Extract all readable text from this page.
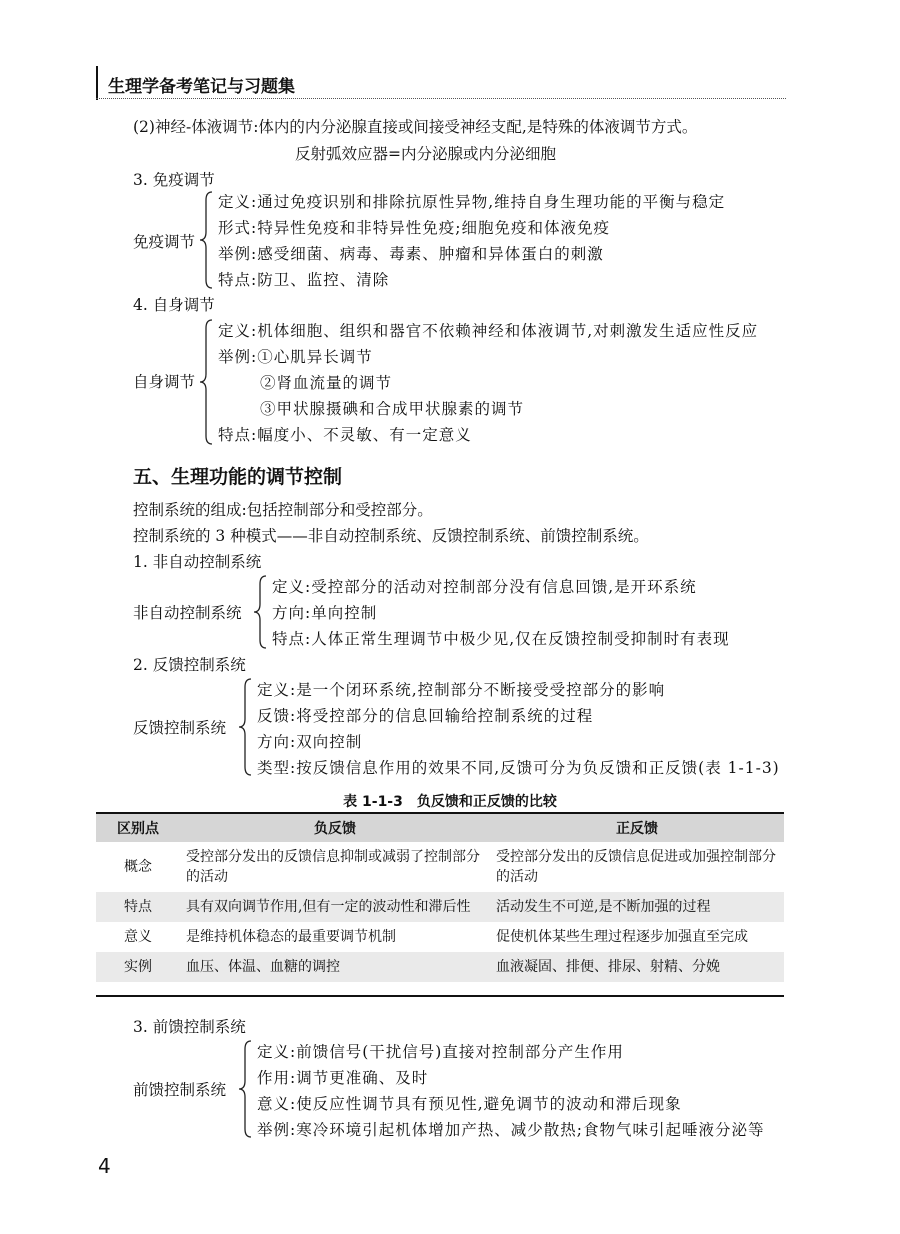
生理学备考笔记与习题集
(2)神经-体液调节:体内的内分泌腺直接或间接受神经支配,是特殊的体液调节方式。
反射弧效应器=内分泌腺或内分泌细胞
3. 免疫调节
免疫调节
定义:通过免疫识别和排除抗原性异物,维持自身生理功能的平衡与稳定
形式:特异性免疫和非特异性免疫;细胞免疫和体液免疫
举例:感受细菌、病毒、毒素、肿瘤和异体蛋白的刺激
特点:防卫、监控、清除
4. 自身调节
自身调节
定义:机体细胞、组织和器官不依赖神经和体液调节,对刺激发生适应性反应
举例:①心肌异长调节
②肾血流量的调节
③甲状腺摄碘和合成甲状腺素的调节
特点:幅度小、不灵敏、有一定意义
五、生理功能的调节控制
控制系统的组成:包括控制部分和受控部分。
控制系统的 3 种模式——非自动控制系统、反馈控制系统、前馈控制系统。
1. 非自动控制系统
非自动控制系统
定义:受控部分的活动对控制部分没有信息回馈,是开环系统
方向:单向控制
特点:人体正常生理调节中极少见,仅在反馈控制受抑制时有表现
2. 反馈控制系统
反馈控制系统
定义:是一个闭环系统,控制部分不断接受受控部分的影响
反馈:将受控部分的信息回输给控制系统的过程
方向:双向控制
类型:按反馈信息作用的效果不同,反馈可分为负反馈和正反馈(表 1-1-3)
表 1-1-3　负反馈和正反馈的比较
区别点	负反馈	正反馈
概念	受控部分发出的反馈信息抑制或减弱了控制部分的活动	受控部分发出的反馈信息促进或加强控制部分的活动
特点	具有双向调节作用,但有一定的波动性和滞后性	活动发生不可逆,是不断加强的过程
意义	是维持机体稳态的最重要调节机制	促使机体某些生理过程逐步加强直至完成
实例	血压、体温、血糖的调控	血液凝固、排便、排尿、射精、分娩
3. 前馈控制系统
前馈控制系统
定义:前馈信号(干扰信号)直接对控制部分产生作用
作用:调节更准确、及时
意义:使反应性调节具有预见性,避免调节的波动和滞后现象
举例:寒冷环境引起机体增加产热、减少散热;食物气味引起唾液分泌等
4
